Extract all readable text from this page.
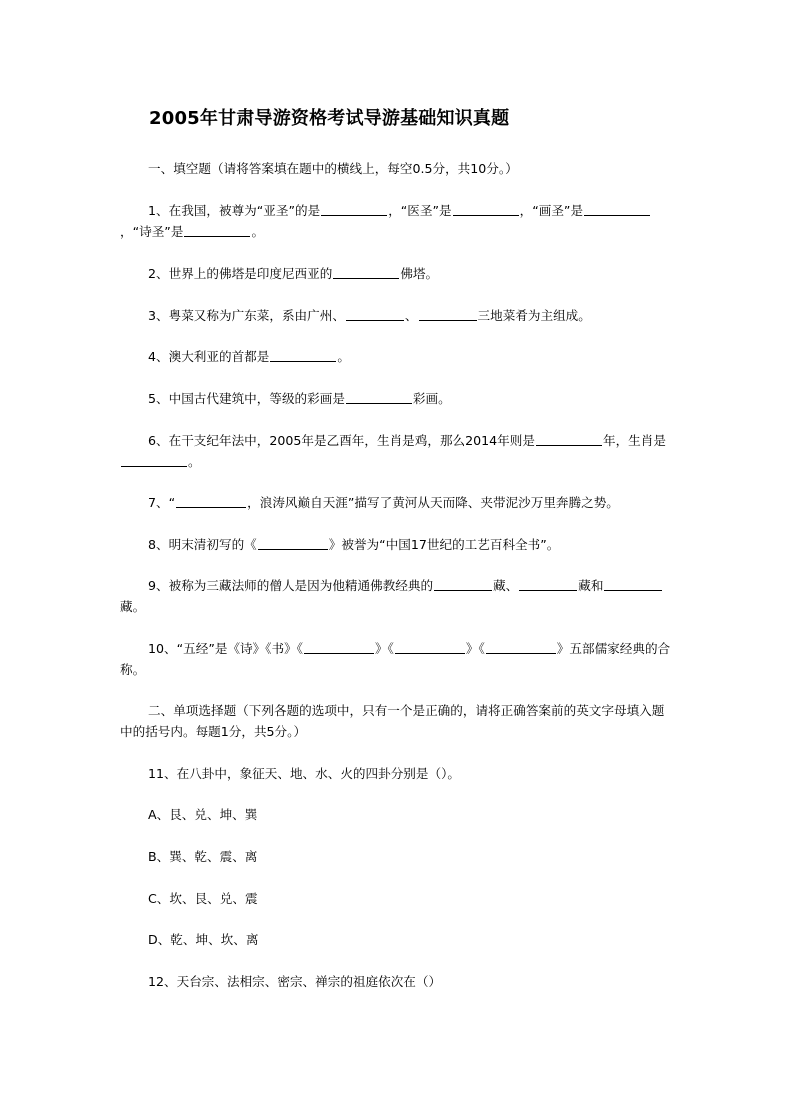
2005年甘肃导游资格考试导游基础知识真题

一、填空题（请将答案填在题中的横线上，每空0.5分，共10分。）

1、在我国，被尊为“亚圣”的是	，“医圣”是	，“画圣”是，“诗圣”是	。

2、世界上的佛塔是印度尼西亚的	佛塔。

3、粤菜又称为广东菜，系由广州、	、	三地菜肴为主组成。

4、澳大利亚的首都是	。

5、中国古代建筑中，等级的彩画是	彩画。

6、在干支纪年法中，2005年是乙酉年，生肖是鸡，那么2014年则是	年，生肖是。

7、“	，浪涛风巅自天涯”描写了黄河从天而降、夹带泥沙万里奔腾之势。

8、明末清初写的《	》被誉为“中国17世纪的工艺百科全书”。

9、被称为三藏法师的僧人是因为他精通佛教经典的	藏、	藏和藏。

10、“五经”是《诗》《书》《	》《	》《	》五部儒家经典的合称。

二、单项选择题（下列各题的选项中，只有一个是正确的，请将正确答案前的英文字母填入题中的括号内。每题1分，共5分。）

11、在八卦中，象征天、地、水、火的四卦分别是（）。

A、艮、兑、坤、巽

B、巽、乾、震、离

C、坎、艮、兑、震

D、乾、坤、坎、离

12、天台宗、法相宗、密宗、禅宗的祖庭依次在（）
